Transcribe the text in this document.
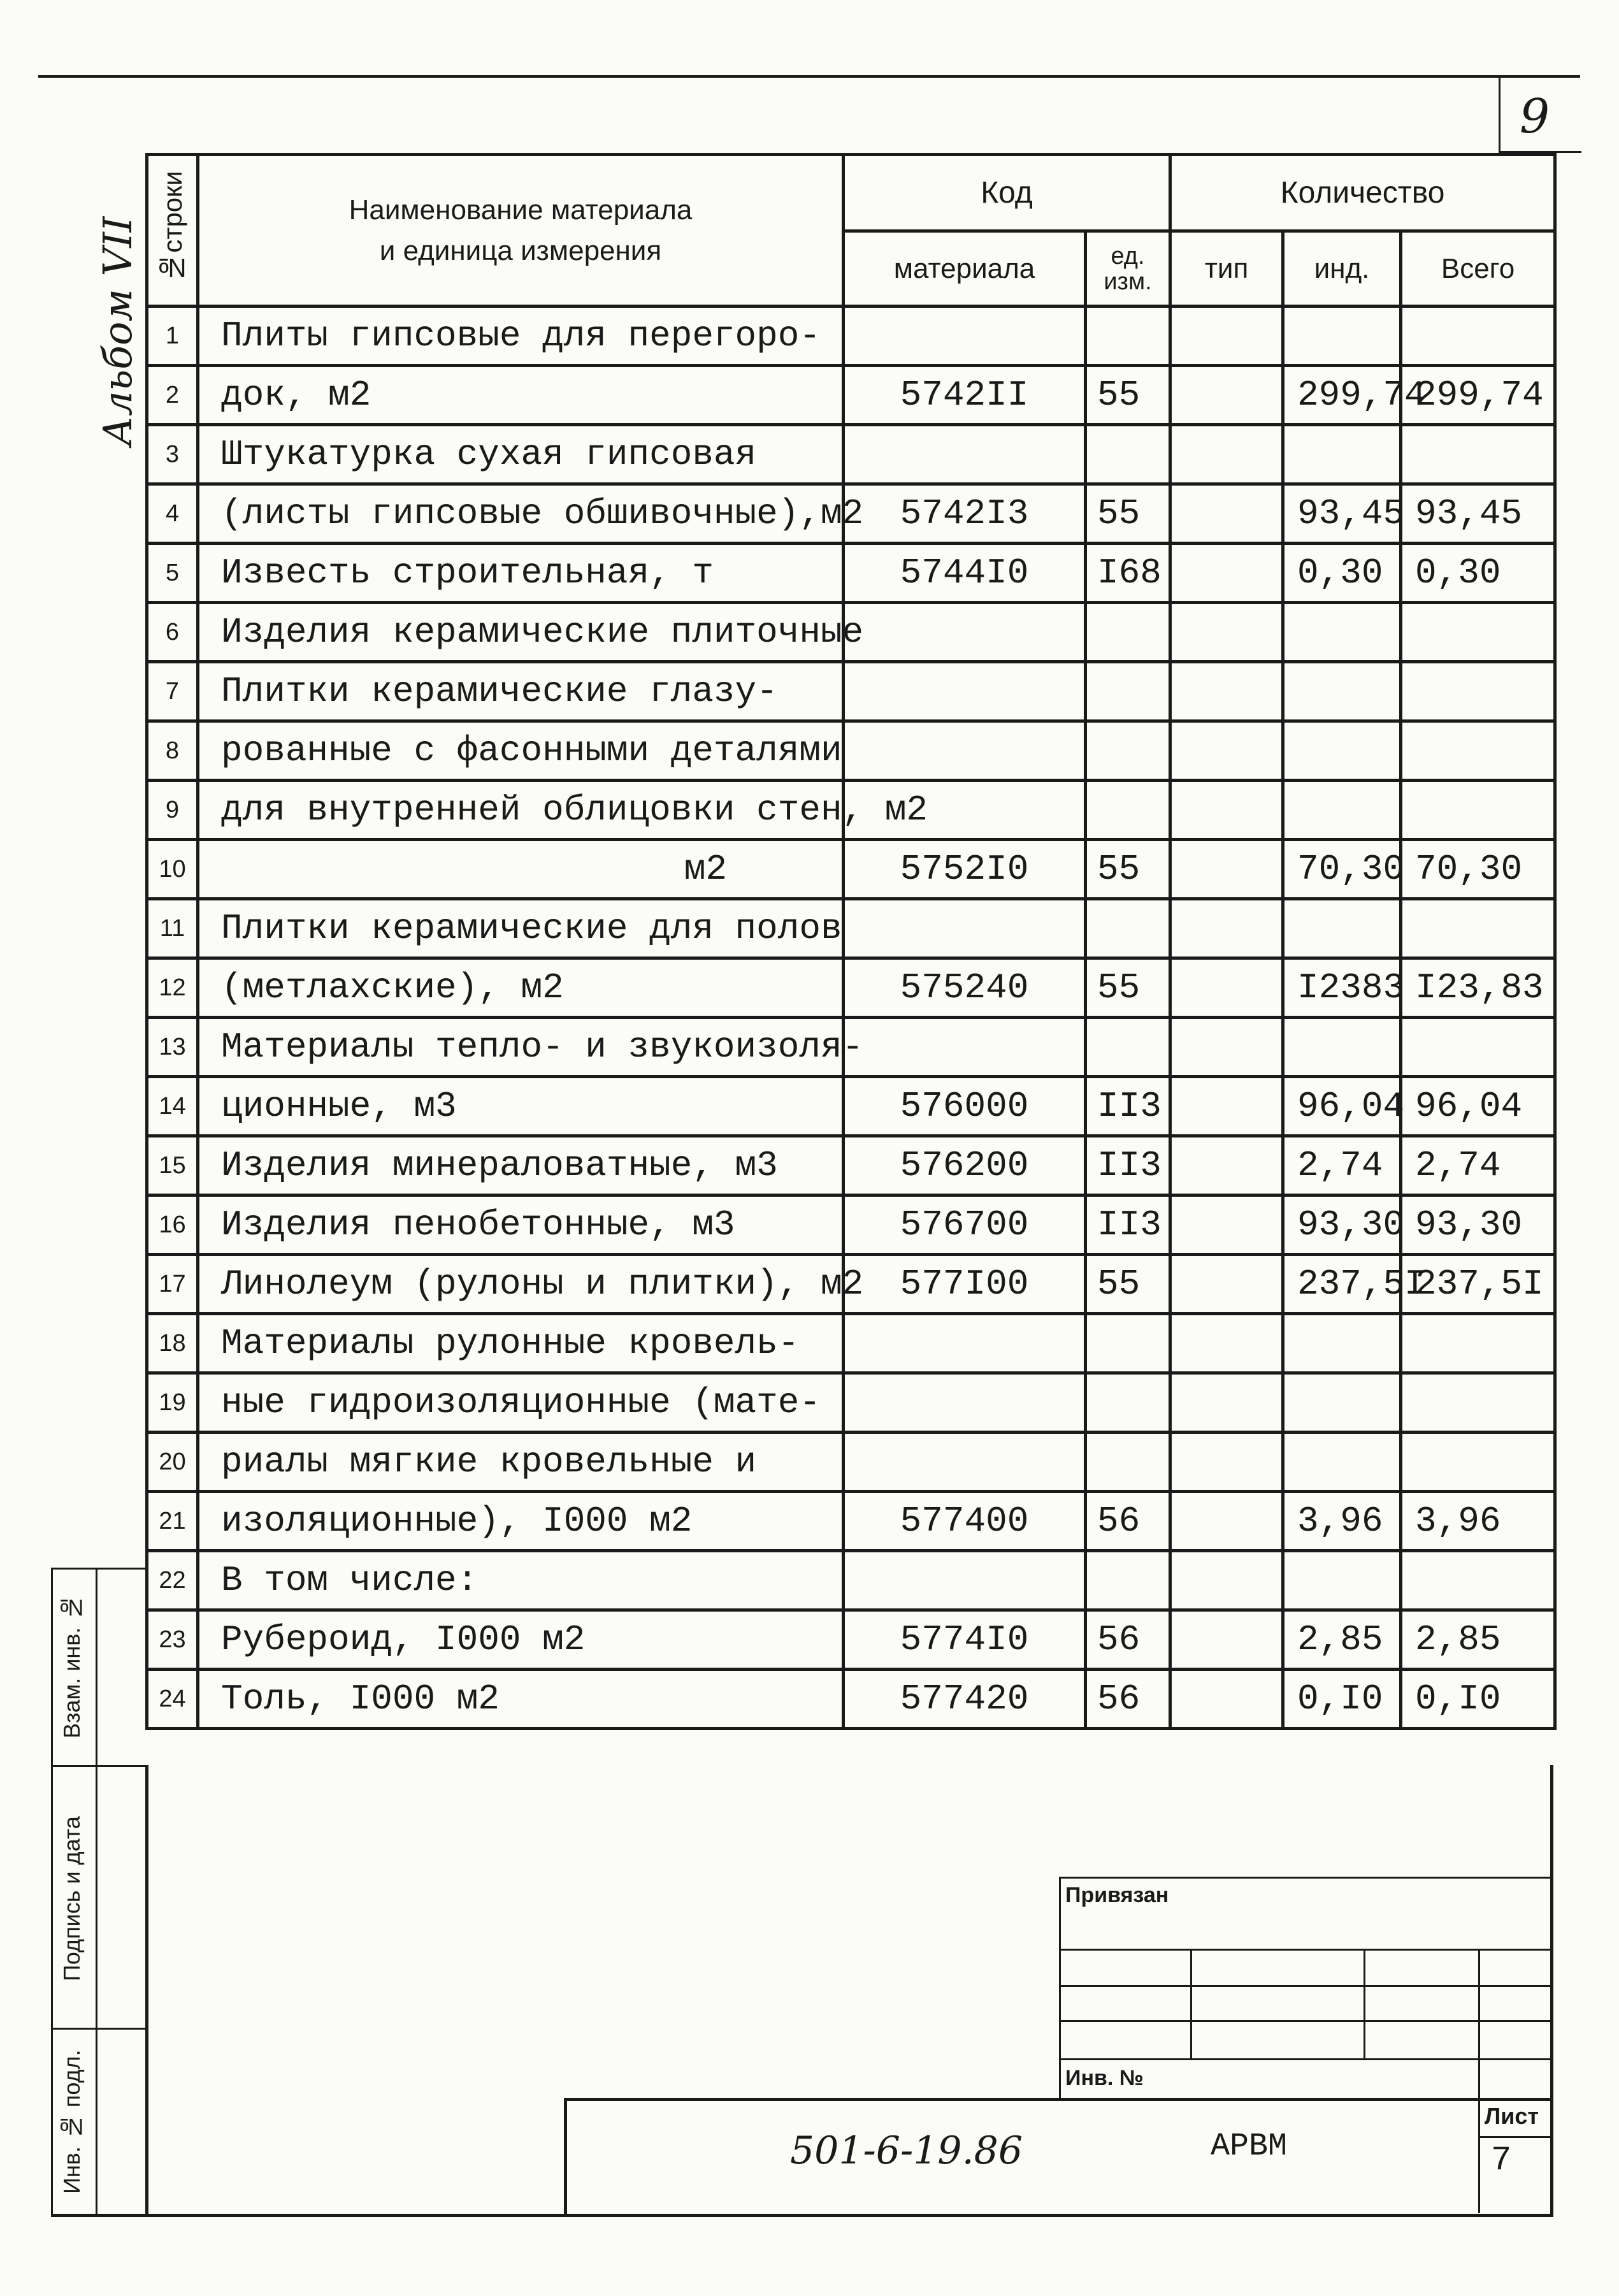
9
Альбом VII №строки	Наименование материала
и единица измерения	Код		Количество		
		материала	ед. изм.	тип	инд.	Всего
1	Плиты гипсовые для перегоро-					
2	док, м2	5742II	55		299,74	299,74
3	Штукатурка сухая гипсовая					
4	(листы гипсовые обшивочные),м2	5742I3	55		93,45	93,45
5	Известь строительная, т	5744I0	I68		0,30	0,30
6	Изделия керамические плиточные					
7	Плитки керамические глазу-					
8	рованные с фасонными деталями					
9	для внутренней облицовки стен, м2					
10	м2	5752I0	55		70,30	70,30
11	Плитки керамические для полов					
12	(метлахские), м2	575240	55		I2383	I23,83
13	Материалы тепло- и звукоизоля-					
14	ционные, м3	576000	II3		96,04	96,04
15	Изделия минераловатные, м3	576200	II3		2,74	2,74
16	Изделия пенобетонные, м3	576700	II3		93,30	93,30
17	Линолеум (рулоны и плитки), м2	577I00	55		237,5I	237,5I
18	Материалы рулонные кровель-					
19	ные гидроизоляционные (мате-					
20	риалы мягкие кровельные и					
21	изоляционные), I000 м2	577400	56		3,96	3,96
22	В том числе:					
23	Рубероид, I000 м2	5774I0	56		2,85	2,85
24	Толь, I000 м2	577420	56		0,I0	0,I0
Взам. инв. №
Подпись и дата
Инв. № подл.
Привязан
Инв. №
501-6-19.86	АРВМ
Лист
7
